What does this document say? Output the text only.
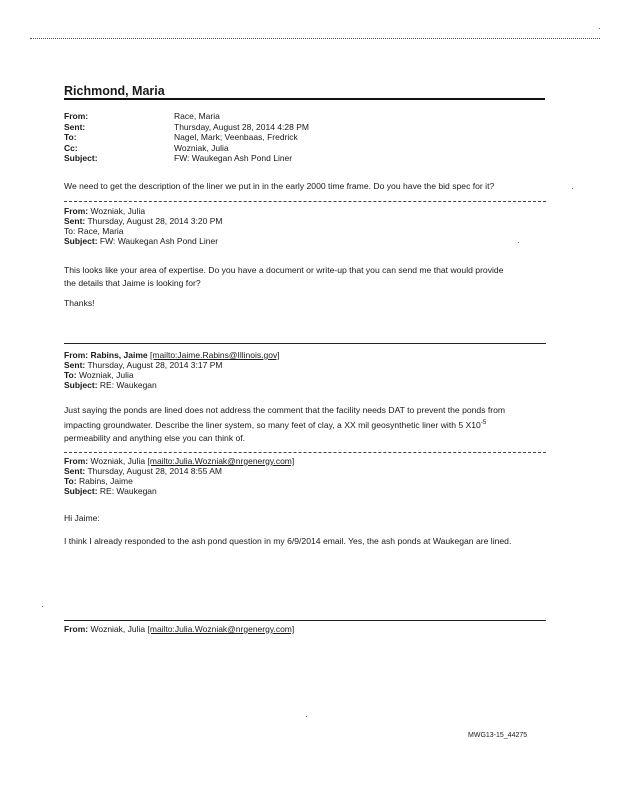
Richmond, Maria
From:	Race, Maria
Sent:	Thursday, August 28, 2014 4:28 PM
To:	Nagel, Mark; Veenbaas, Fredrick
Cc:	Wozniak, Julia
Subject:	FW: Waukegan Ash Pond Liner
We need to get the description of the liner we put in in the early 2000 time frame. Do you have the bid spec for it?
From: Wozniak, Julia
Sent: Thursday, August 28, 2014 3:20 PM
To: Race, Maria
Subject: FW: Waukegan Ash Pond Liner
This looks like your area of expertise. Do you have a document or write-up that you can send me that would provide
the details that Jaime is looking for?
Thanks!
From: Rabins, Jaime [mailto:Jaime.Rabins@Illinois.gov]
Sent: Thursday, August 28, 2014 3:17 PM
To: Wozniak, Julia
Subject: RE: Waukegan
Just saying the ponds are lined does not address the comment that the facility needs DAT to prevent the ponds from
impacting groundwater. Describe the liner system, so many feet of clay, a XX mil geosynthetic liner with 5 $X10^{-5}$
permeability and anything else you can think of.
From: Wozniak, Julia [mailto:Julia.Wozniak@nrgenergy.com]
Sent: Thursday, August 28, 2014 8:55 AM
To: Rabins, Jaime
Subject: RE: Waukegan
Hi Jaime:
I think I already responded to the ash pond question in my 6/9/2014 email. Yes, the ash ponds at Waukegan are lined.
From: Wozniak, Julia [mailto:Julia.Wozniak@nrgenergy.com]
·
·
·
·
·
MWG13-15_44275
